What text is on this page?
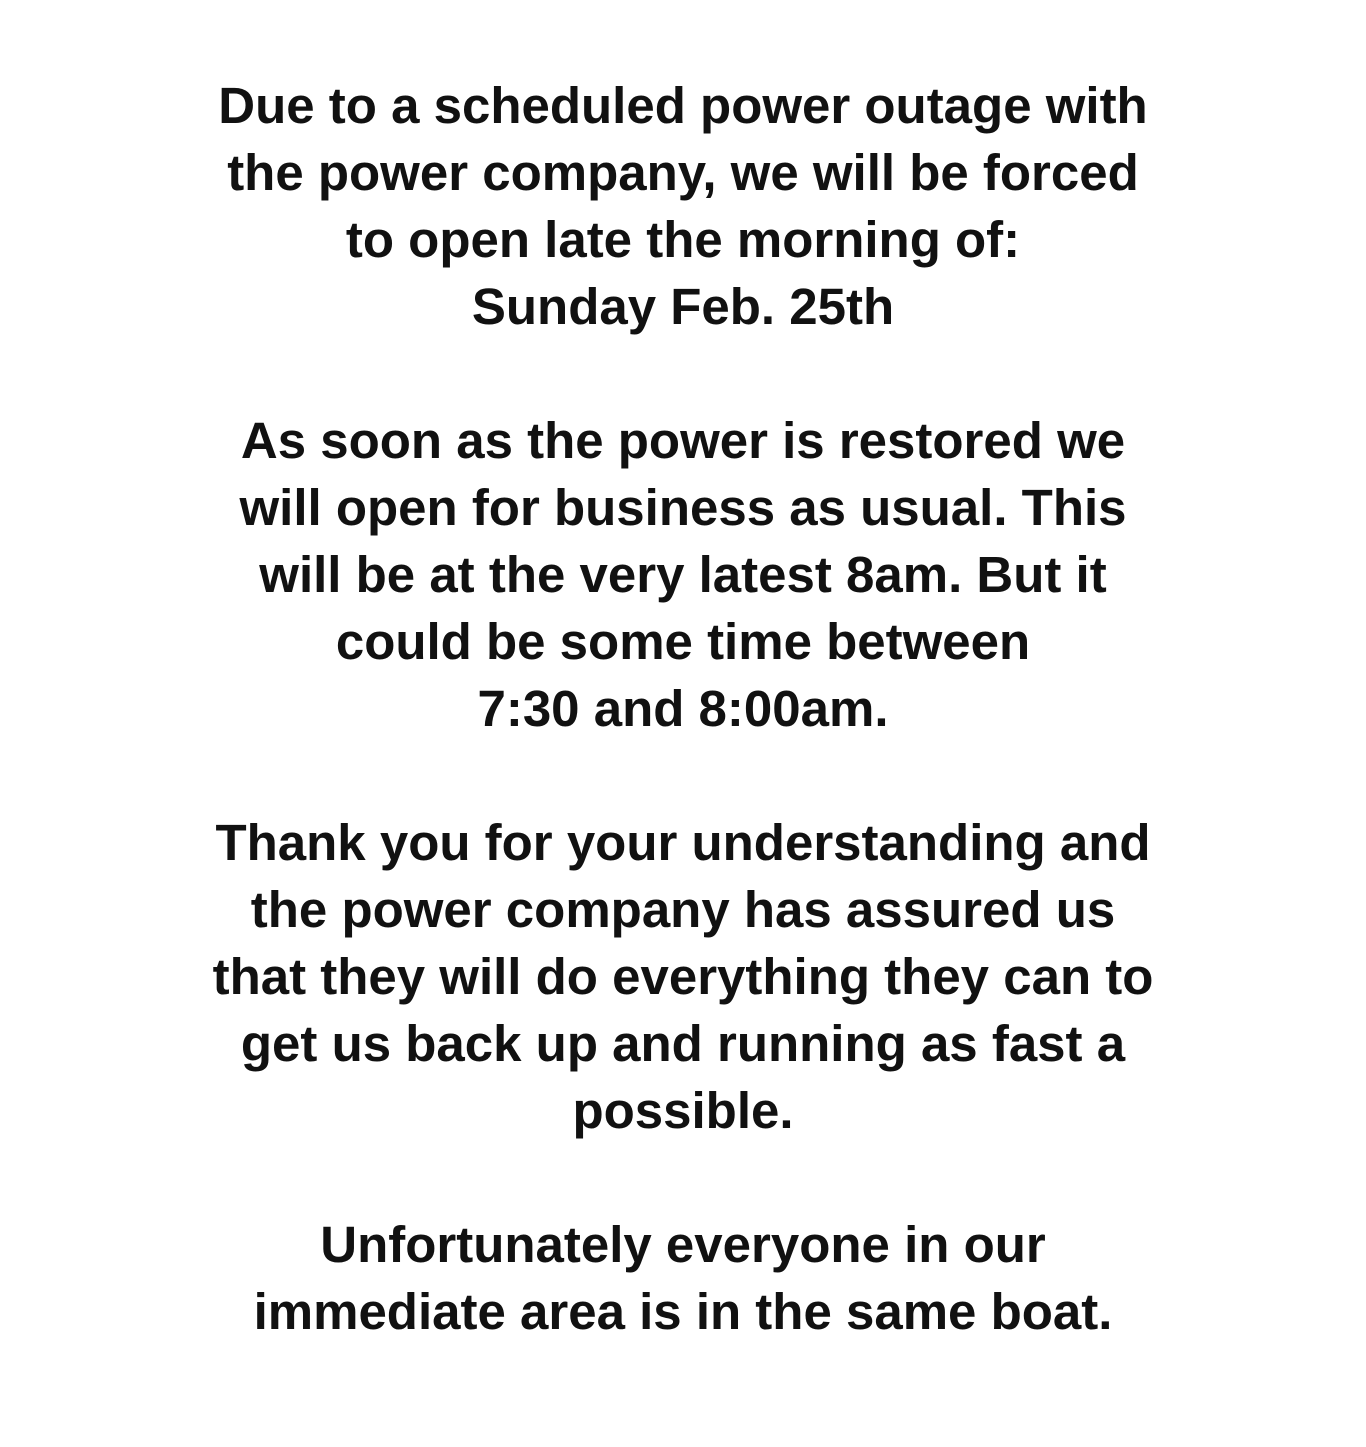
Due to a scheduled power outage with
the power company, we will be forced
to open late the morning of:
Sunday Feb. 25th

As soon as the power is restored we
will open for business as usual. This
will be at the very latest 8am. But it
could be some time between
7:30 and 8:00am.

Thank you for your understanding and
the power company has assured us
that they will do everything they can to
get us back up and running as fast a
possible.

Unfortunately everyone in our
immediate area is in the same boat.
